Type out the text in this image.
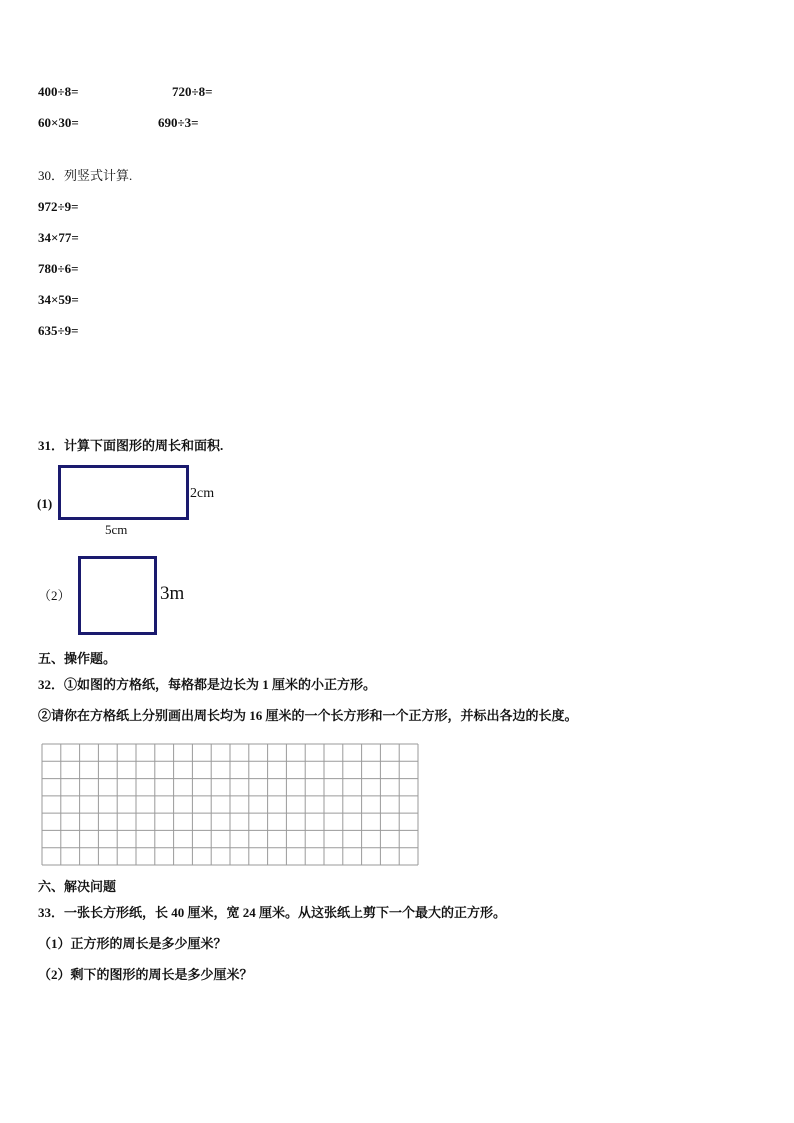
400÷8=	720÷8=
60×30=	690÷3=
30．列竖式计算.
972÷9=
34×77=
780÷6=
34×59=
635÷9=
31．计算下面图形的周长和面积.
(1)
2cm
5cm
（2）	3m
五、操作题。
32．①如图的方格纸，每格都是边长为 1 厘米的小正方形。
②请你在方格纸上分别画出周长均为 16 厘米的一个长方形和一个正方形，并标出各边的长度。
六、解决问题
33．一张长方形纸，长 40 厘米，宽 24 厘米。从这张纸上剪下一个最大的正方形。
（1）正方形的周长是多少厘米？
（2）剩下的图形的周长是多少厘米？
